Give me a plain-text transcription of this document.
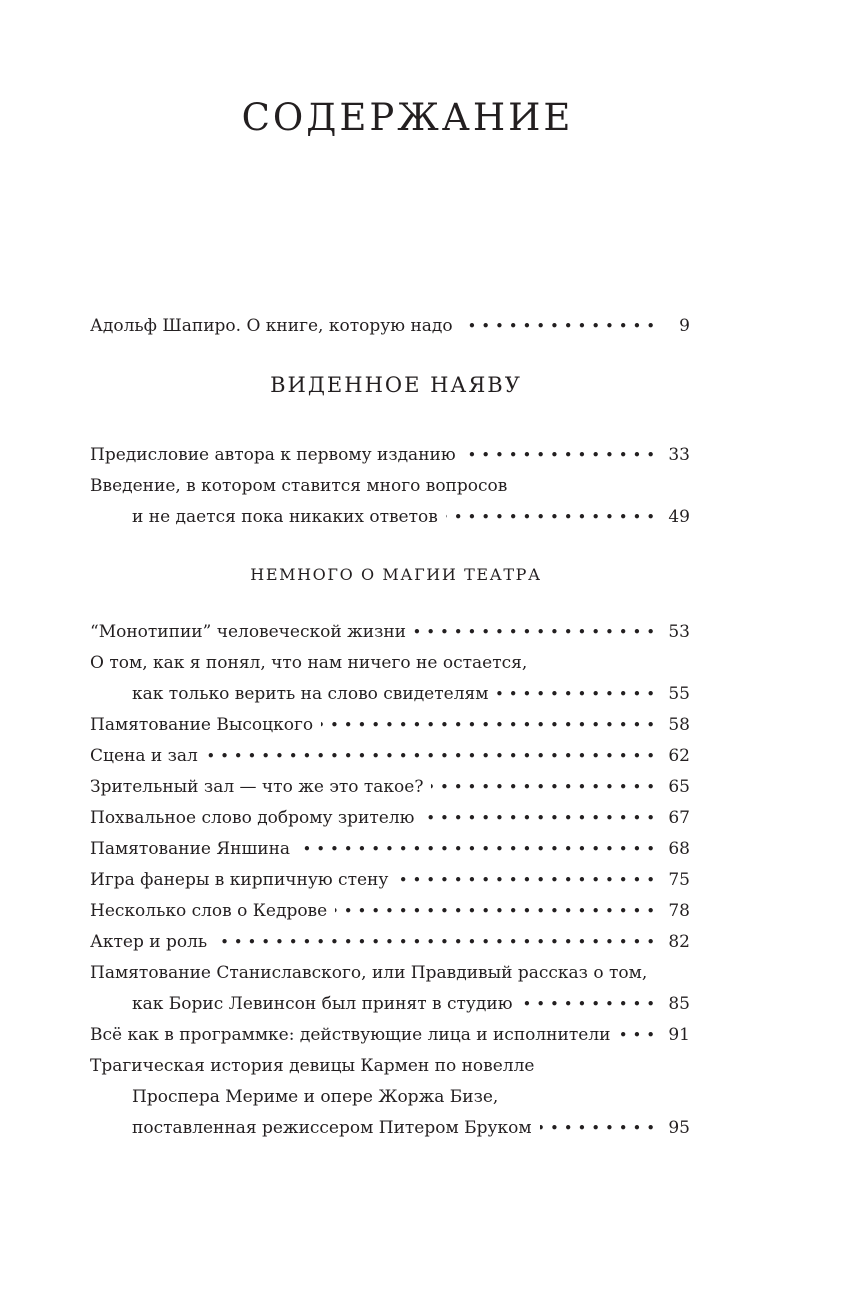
СОДЕРЖАНИЕ
Адольф Шапиро. О книге, которую надо •••••	9
ВИДЕННОЕ НАЯВУ
Предисловие автора к первому изданию •••••	33
Введение, в котором ставится много вопросов
и не дается пока никаких ответов •••••	49
НЕМНОГО О МАГИИ ТЕАТРА
“Монотипии” человеческой жизни •••••	53
О том, как я понял, что нам ничего не остается,
как только верить на слово свидетелям •••••	55
Памятование Высоцкого •••••	58
Сцена и зал •••••	62
Зрительный зал — что же это такое? •••••	65
Похвальное слово доброму зрителю •••••	67
Памятование Яншина •••••	68
Игра фанеры в кирпичную стену •••••	75
Несколько слов о Кедрове •••••	78
Актер и роль •••••	82
Памятование Станиславского, или Правдивый рассказ о том,
как Борис Левинсон был принят в студию •••••	85
Всё как в программке: действующие лица и исполнители •••••	91
Трагическая история девицы Кармен по новелле
Проспера Мериме и опере Жоржа Бизе,
поставленная режиссером Питером Бруком •••••	95
